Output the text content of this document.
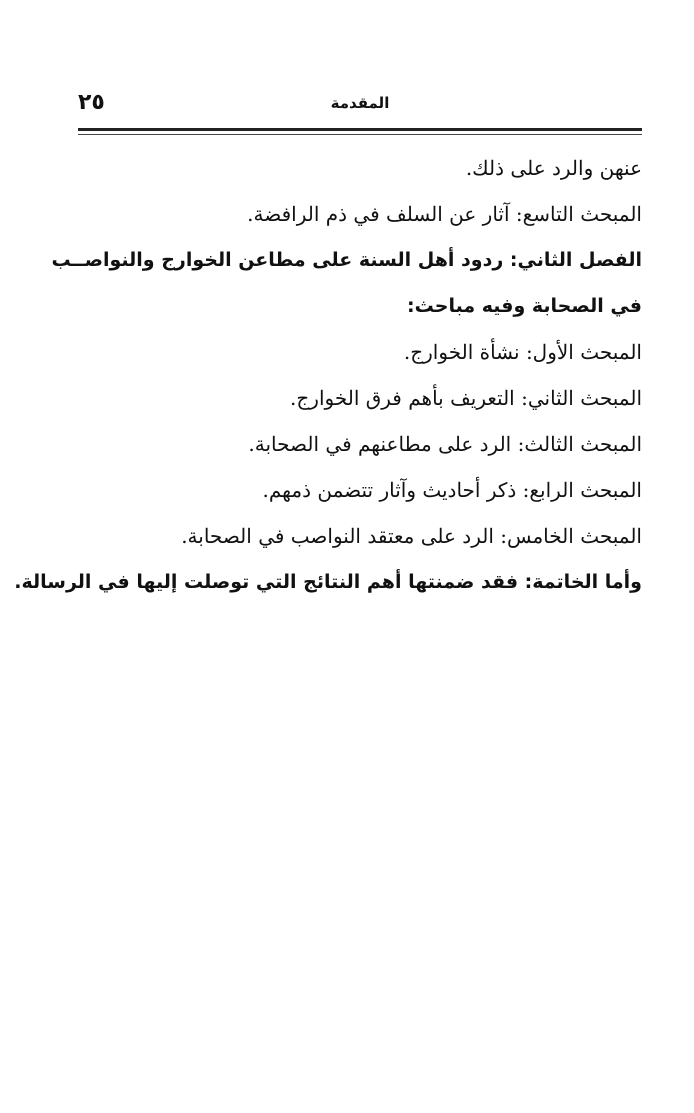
٢٥	المقدمة
عنهن والرد على ذلك.
المبحث التاسع: آثار عن السلف في ذم الرافضة.
الفصل الثاني: ردود أهل السنة على مطاعن الخوارج والنواصــب
في الصحابة وفيه مباحث:
المبحث الأول: نشأة الخوارج.
المبحث الثاني: التعريف بأهم فرق الخوارج.
المبحث الثالث: الرد على مطاعنهم في الصحابة.
المبحث الرابع: ذكر أحاديث وآثار تتضمن ذمهم.
المبحث الخامس: الرد على معتقد النواصب في الصحابة.
وأما الخاتمة: فقد ضمنتها أهم النتائج التي توصلت إليها في الرسالة.
